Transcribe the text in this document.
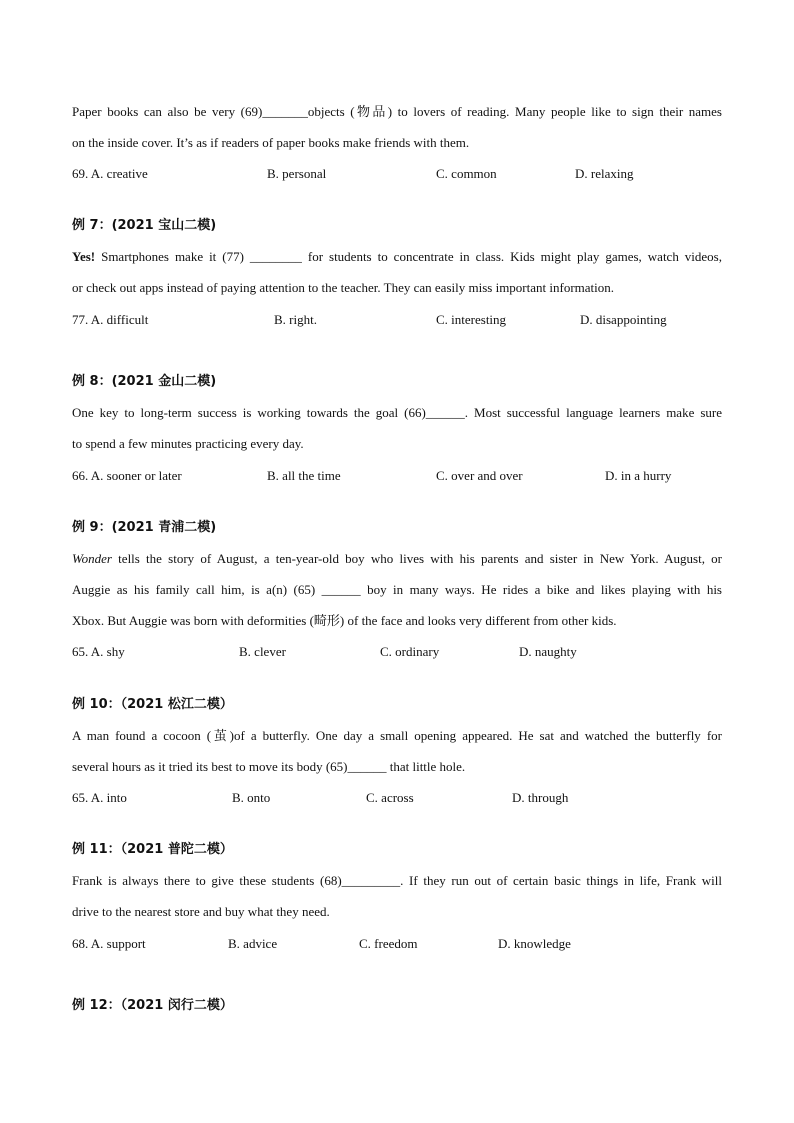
Paper books can also be very (69)_______objects (物品) to lovers of reading. Many people like to sign their names
on the inside cover. It’s as if readers of paper books make friends with them.
69. A. creative	B. personal	C. common	D. relaxing
例 7：(2021 宝山二模)
Yes! Smartphones make it (77) ________ for students to concentrate in class. Kids might play games, watch videos,
or check out apps instead of paying attention to the teacher. They can easily miss important information.
77. A. difficult	B. right.	C. interesting	D. disappointing
例 8：(2021 金山二模)
One key to long-term success is working towards the goal (66)______. Most successful language learners make sure
to spend a few minutes practicing every day.
66. A. sooner or later	B. all the time	C. over and over	D. in a hurry
例 9：(2021 青浦二模)
Wonder tells the story of August, a ten-year-old boy who lives with his parents and sister in New York. August, or
Auggie as his family call him, is a(n) (65) ______ boy in many ways. He rides a bike and likes playing with his
Xbox. But Auggie was born with deformities (畸形) of the face and looks very different from other kids.
65. A. shy	B. clever	C. ordinary	D. naughty
例 10：（2021 松江二模）
A man found a cocoon (茧)of a butterfly. One day a small opening appeared. He sat and watched the butterfly for
several hours as it tried its best to move its body (65)______ that little hole.
65. A. into	B. onto	C. across	D. through
例 11：（2021 普陀二模）
Frank is always there to give these students (68)_________. If they run out of certain basic things in life, Frank will
drive to the nearest store and buy what they need.
68. A. support	B. advice	C. freedom	D. knowledge
例 12：（2021 闵行二模）
